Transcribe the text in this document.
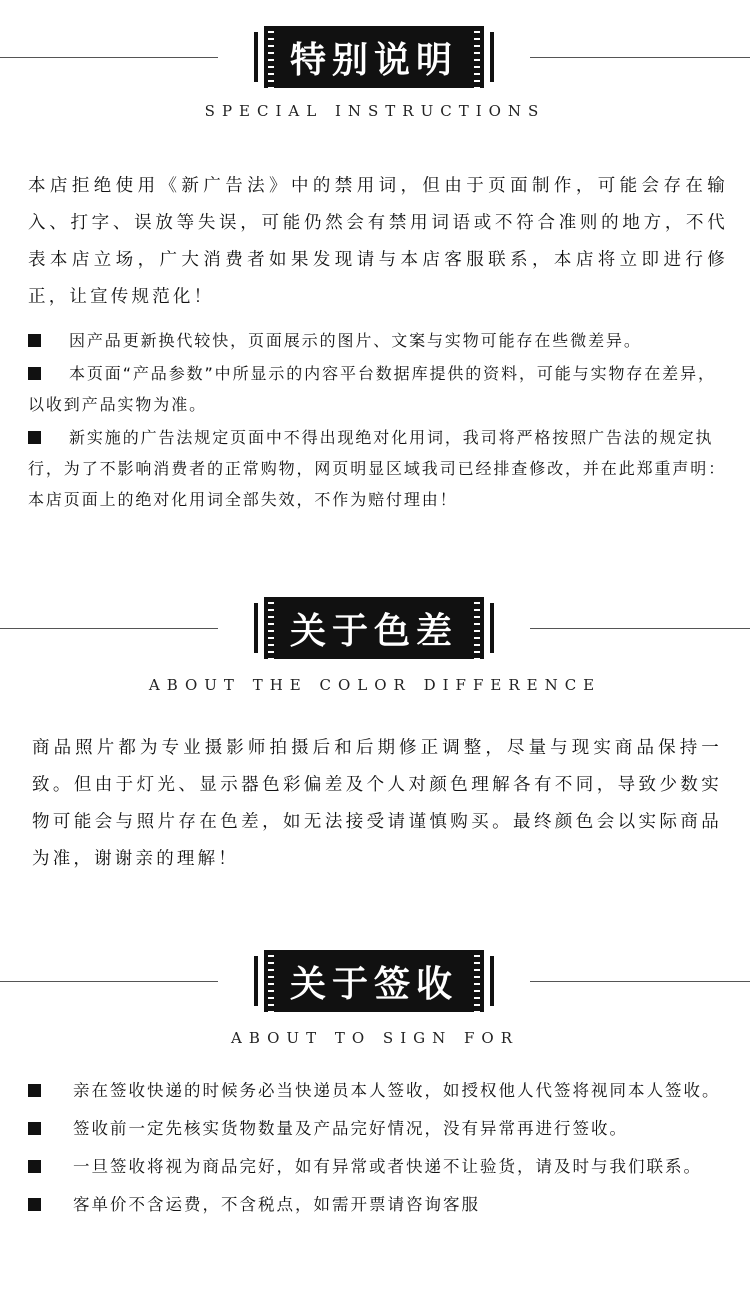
特别说明
SPECIAL INSTRUCTIONS
本店拒绝使用《新广告法》中的禁用词，但由于页面制作，可能会存在输入、打字、误放等失误，可能仍然会有禁用词语或不符合准则的地方，不代表本店立场，广大消费者如果发现请与本店客服联系，本店将立即进行修正，让宣传规范化！
因产品更新换代较快，页面展示的图片、文案与实物可能存在些微差异。
本页面“产品参数”中所显示的内容平台数据库提供的资料，可能与实物存在差异，以收到产品实物为准。
新实施的广告法规定页面中不得出现绝对化用词，我司将严格按照广告法的规定执行，为了不影响消费者的正常购物，网页明显区域我司已经排查修改，并在此郑重声明：本店页面上的绝对化用词全部失效，不作为赔付理由！
关于色差
ABOUT THE COLOR DIFFERENCE
商品照片都为专业摄影师拍摄后和后期修正调整，尽量与现实商品保持一致。但由于灯光、显示器色彩偏差及个人对颜色理解各有不同，导致少数实物可能会与照片存在色差，如无法接受请谨慎购买。最终颜色会以实际商品为准，谢谢亲的理解！
关于签收
ABOUT TO SIGN FOR
亲在签收快递的时候务必当快递员本人签收，如授权他人代签将视同本人签收。
签收前一定先核实货物数量及产品完好情况，没有异常再进行签收。
一旦签收将视为商品完好，如有异常或者快递不让验货，请及时与我们联系。
客单价不含运费，不含税点，如需开票请咨询客服
